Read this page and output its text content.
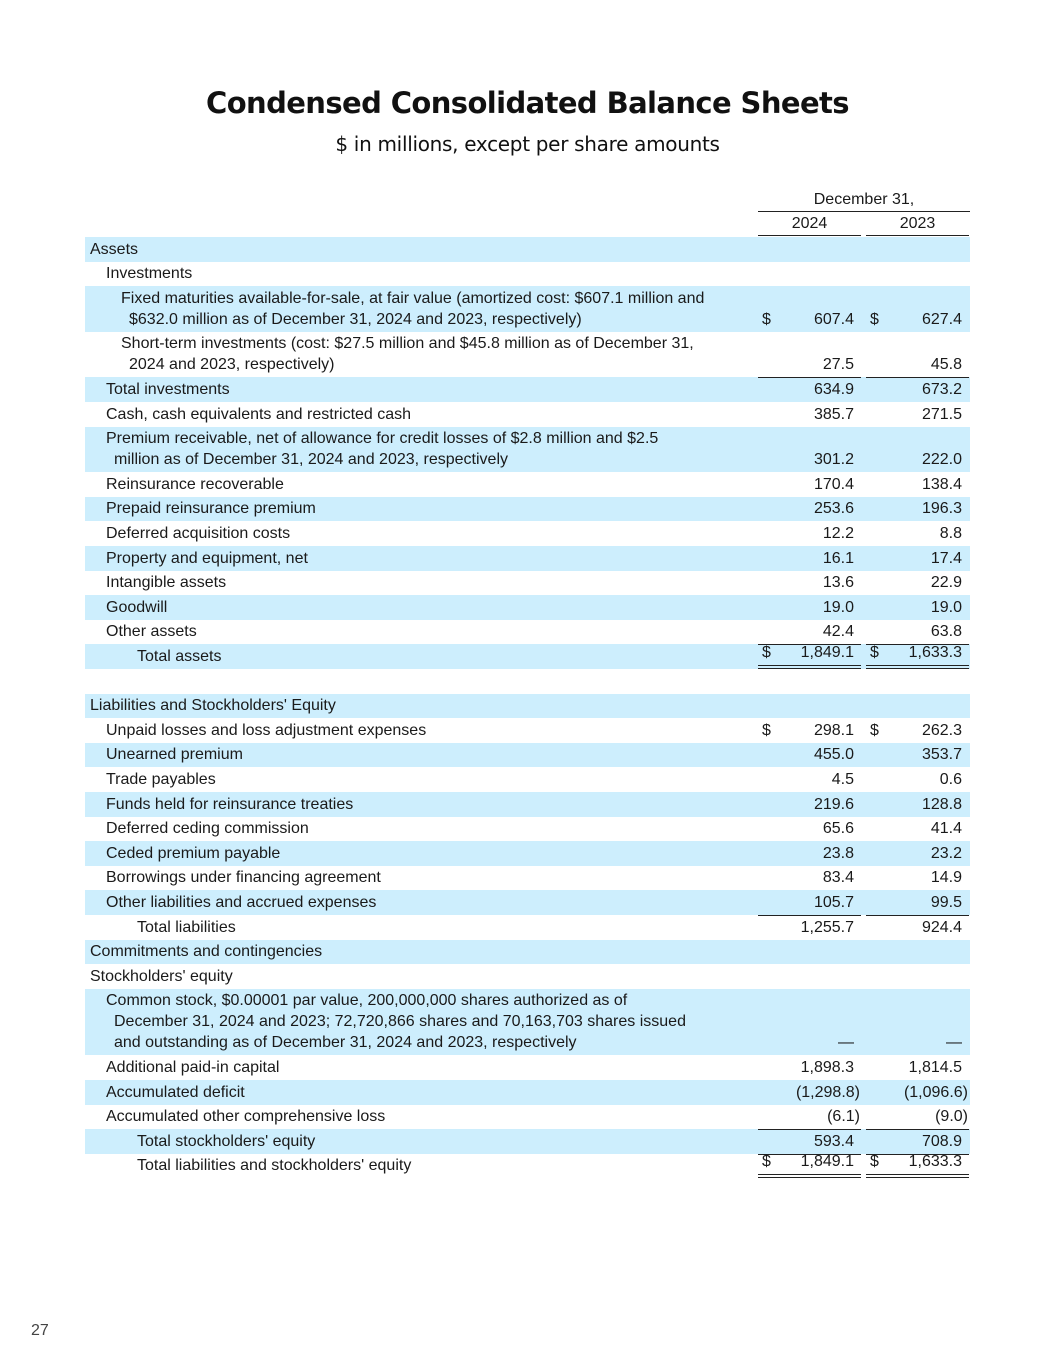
Condensed Consolidated Balance Sheets
$ in millions, except per share amounts
December 31,
2024	2023
Assets
Investments
Fixed maturities available-for-sale, at fair value (amortized cost: $607.1 million and
$632.0 million as of December 31, 2024 and 2023, respectively)	$	607.4 $	627.4
Short-term investments (cost: $27.5 million and $45.8 million as of December 31,
2024 and 2023, respectively)	27.5	45.8
Total investments	634.9	673.2
Cash, cash equivalents and restricted cash	385.7	271.5
Premium receivable, net of allowance for credit losses of $2.8 million and $2.5
million as of December 31, 2024 and 2023, respectively	301.2	222.0
Reinsurance recoverable	170.4	138.4
Prepaid reinsurance premium	253.6	196.3
Deferred acquisition costs	12.2	8.8
Property and equipment, net	16.1	17.4
Intangible assets	13.6	22.9
Goodwill	19.0	19.0
Other assets	42.4	63.8
Total assets	$ 1,849.1 $ 1,633.3
Liabilities and Stockholders' Equity
Unpaid losses and loss adjustment expenses	$	298.1 $	262.3
Unearned premium	455.0	353.7
Trade payables	4.5	0.6
Funds held for reinsurance treaties	219.6	128.8
Deferred ceding commission	65.6	41.4
Ceded premium payable	23.8	23.2
Borrowings under financing agreement	83.4	14.9
Other liabilities and accrued expenses	105.7	99.5
Total liabilities	1,255.7	924.4
Commitments and contingencies
Stockholders' equity
Common stock, $0.00001 par value, 200,000,000 shares authorized as of
December 31, 2024 and 2023; 72,720,866 shares and 70,163,703 shares issued
and outstanding as of December 31, 2024 and 2023, respectively	—	—
Additional paid-in capital	1,898.3	1,814.5
Accumulated deficit	(1,298.8)	(1,096.6)
Accumulated other comprehensive loss	(6.1)	(9.0)
Total stockholders' equity	593.4	708.9
Total liabilities and stockholders' equity	$ 1,849.1 $ 1,633.3
27
